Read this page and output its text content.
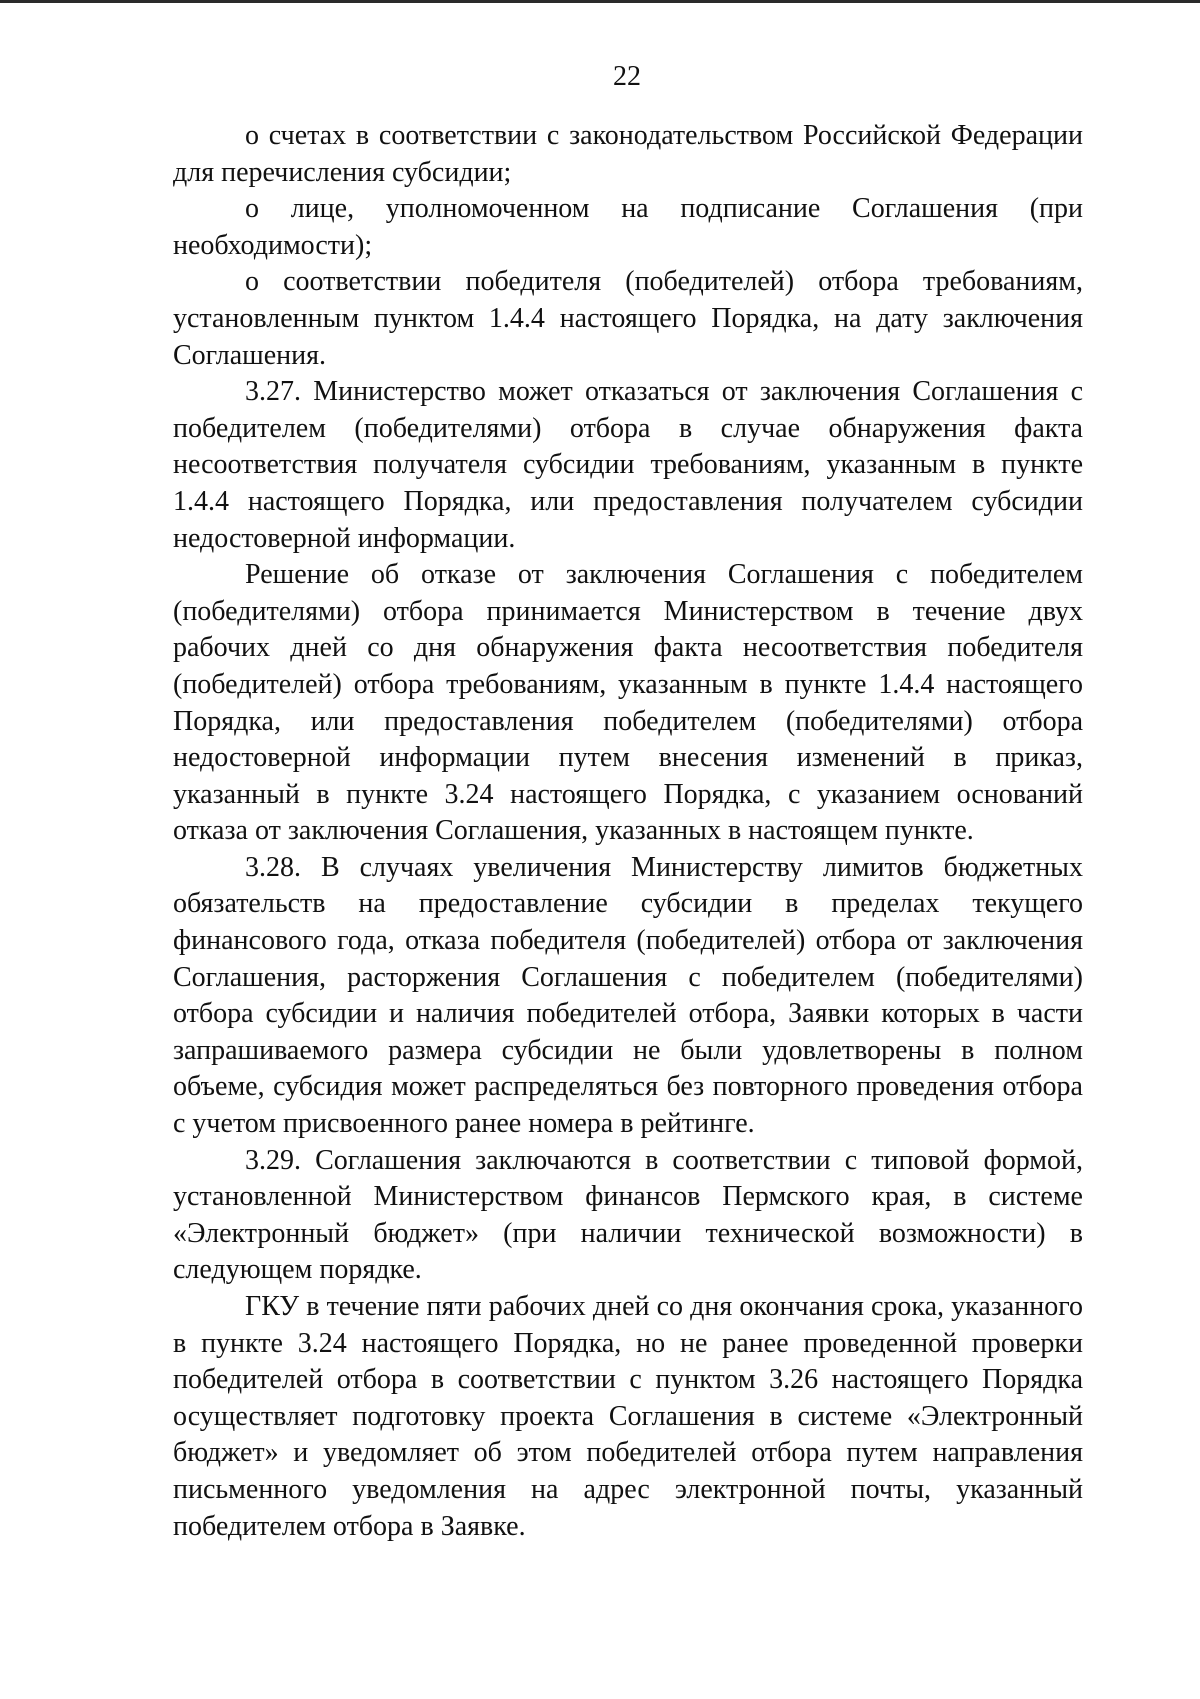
22

о счетах в соответствии с законодательством Российской Федерации для перечисления субсидии;

о лице, уполномоченном на подписание Соглашения (при необходимости);

о соответствии победителя (победителей) отбора требованиям, установленным пунктом 1.4.4 настоящего Порядка, на дату заключения Соглашения.

3.27. Министерство может отказаться от заключения Соглашения с победителем (победителями) отбора в случае обнаружения факта несоответствия получателя субсидии требованиям, указанным в пункте 1.4.4 настоящего Порядка, или предоставления получателем субсидии недостоверной информации.

Решение об отказе от заключения Соглашения с победителем (победителями) отбора принимается Министерством в течение двух рабочих дней со дня обнаружения факта несоответствия победителя (победителей) отбора требованиям, указанным в пункте 1.4.4 настоящего Порядка, или предоставления победителем (победителями) отбора недостоверной информации путем внесения изменений в приказ, указанный в пункте 3.24 настоящего Порядка, с указанием оснований отказа от заключения Соглашения, указанных в настоящем пункте.

3.28. В случаях увеличения Министерству лимитов бюджетных обязательств на предоставление субсидии в пределах текущего финансового года, отказа победителя (победителей) отбора от заключения Соглашения, расторжения Соглашения с победителем (победителями) отбора субсидии и наличия победителей отбора, Заявки которых в части запрашиваемого размера субсидии не были удовлетворены в полном объеме, субсидия может распределяться без повторного проведения отбора с учетом присвоенного ранее номера в рейтинге.

3.29. Соглашения заключаются в соответствии с типовой формой, установленной Министерством финансов Пермского края, в системе «Электронный бюджет» (при наличии технической возможности) в следующем порядке.

ГКУ в течение пяти рабочих дней со дня окончания срока, указанного в пункте 3.24 настоящего Порядка, но не ранее проведенной проверки победителей отбора в соответствии с пунктом 3.26 настоящего Порядка осуществляет подготовку проекта Соглашения в системе «Электронный бюджет» и уведомляет об этом победителей отбора путем направления письменного уведомления на адрес электронной почты, указанный победителем отбора в Заявке.
